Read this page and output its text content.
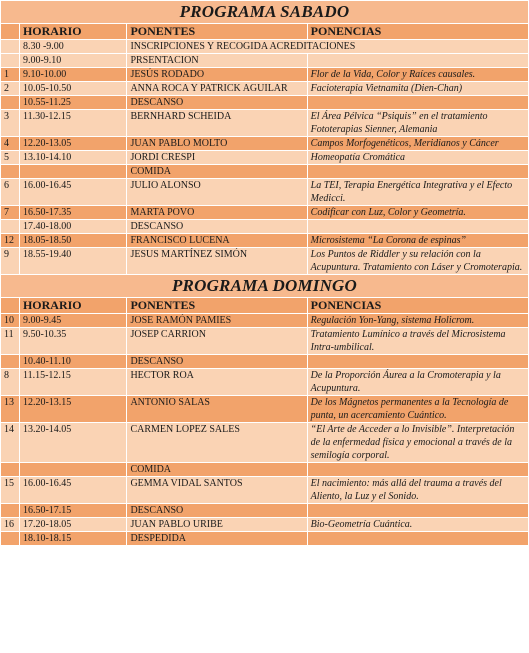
PROGRAMA SABADO			
	HORARIO	PONENTES	PONENCIAS
	8.30 -9.00	INSCRIPCIONES Y RECOGIDA ACREDITACIONES	
	9.00-9.10	PRSENTACION	
1	9.10-10.00	JESÚS RODADO	Flor de la Vida, Color y Raíces causales.
2	10.05-10.50	ANNA ROCA Y PATRICK AGUILAR	Facioterapia Vietnamita (Dien-Chan)
	10.55-11.25	DESCANSO	
3	11.30-12.15	BERNHARD SCHEIDA	El Área Pélvica “Psiquis” en el tratamiento Fototerapias Sienner, Alemania
4	12.20-13.05	JUAN PABLO MOLTO	Campos Morfogenéticos, Meridianos y Cáncer
5	13.10-14.10	JORDI CRESPI	Homeopatía Cromática
		COMIDA	
6	16.00-16.45	JULIO ALONSO	La TEI, Terapia Energética Integrativa y el Efecto Medicci.
7	16.50-17.35	MARTA POVO	Codificar con Luz, Color y Geometría.
	17.40-18.00	DESCANSO	
12	18.05-18.50	FRANCISCO LUCENA	Microsistema “La Corona de espinas”
9	18.55-19.40	JESUS MARTÍNEZ SIMÓN	Los Puntos de Riddler y su relación con la Acupuntura. Tratamiento con Láser y Cromoterapia.
PROGRAMA DOMINGO			
	HORARIO	PONENTES	PONENCIAS
10	9.00-9.45	JOSE RAMÓN PAMIES	Regulación Yon-Yang, sistema Holicrom.
11	9.50-10.35	JOSEP CARRION	Tratamiento Lumínico a través del Microsistema Intra-umbilical.
	10.40-11.10	DESCANSO	
8	11.15-12.15	HECTOR ROA	De la Proporción Áurea a la Cromoterapia y la Acupuntura.
13	12.20-13.15	ANTONIO SALAS	De los Mágnetos permanentes a la Tecnología de punta, un acercamiento Cuántico.
14	13.20-14.05	CARMEN LOPEZ SALES	“El Arte de Acceder a lo Invisible”. Interpretación de la enfermedad física y emocional a través de la semilogía corporal.
		COMIDA	
15	16.00-16.45	GEMMA VIDAL SANTOS	El nacimiento: más allá del trauma a través del Aliento, la Luz y el Sonido.
	16.50-17.15	DESCANSO	
16	17.20-18.05	JUAN PABLO URIBE	Bio-Geometría Cuántica.
	18.10-18.15	DESPEDIDA	
